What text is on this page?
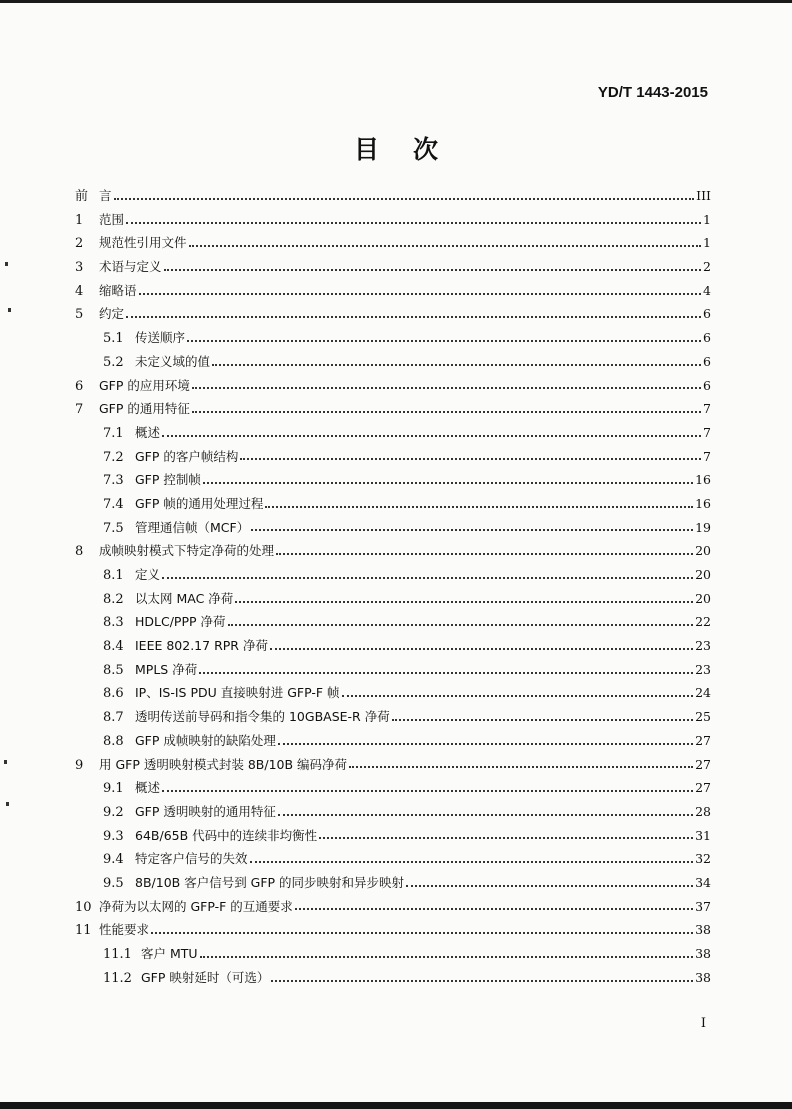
YD/T 1443-2015
目次
前 言	III
1	范围	1
2	规范性引用文件	1
3	术语与定义	2
4	缩略语	4
5	约定	6
5.1 传送顺序	6
5.2 未定义域的值	6
6	GFP 的应用环境	6
7	GFP 的通用特征	7
7.1 概述	7
7.2 GFP 的客户帧结构	7
7.3 GFP 控制帧	16
7.4 GFP 帧的通用处理过程	16
7.5 管理通信帧（MCF）	19
8	成帧映射模式下特定净荷的处理	20
8.1 定义	20
8.2 以太网 MAC 净荷	20
8.3 HDLC/PPP 净荷	22
8.4 IEEE 802.17 RPR 净荷	23
8.5 MPLS 净荷	23
8.6 IP、IS-IS PDU 直接映射进 GFP-F 帧	24
8.7 透明传送前导码和指令集的 10GBASE-R 净荷	25
8.8 GFP 成帧映射的缺陷处理	27
9	用 GFP 透明映射模式封装 8B/10B 编码净荷	27
9.1 概述	27
9.2 GFP 透明映射的通用特征	28
9.3 64B/65B 代码中的连续非均衡性	31
9.4 特定客户信号的失效	32
9.5 8B/10B 客户信号到 GFP 的同步映射和异步映射	34
10 净荷为以太网的 GFP-F 的互通要求	37
11 性能要求	38
11.1 客户 MTU	38
11.2 GFP 映射延时（可选）	38
I
